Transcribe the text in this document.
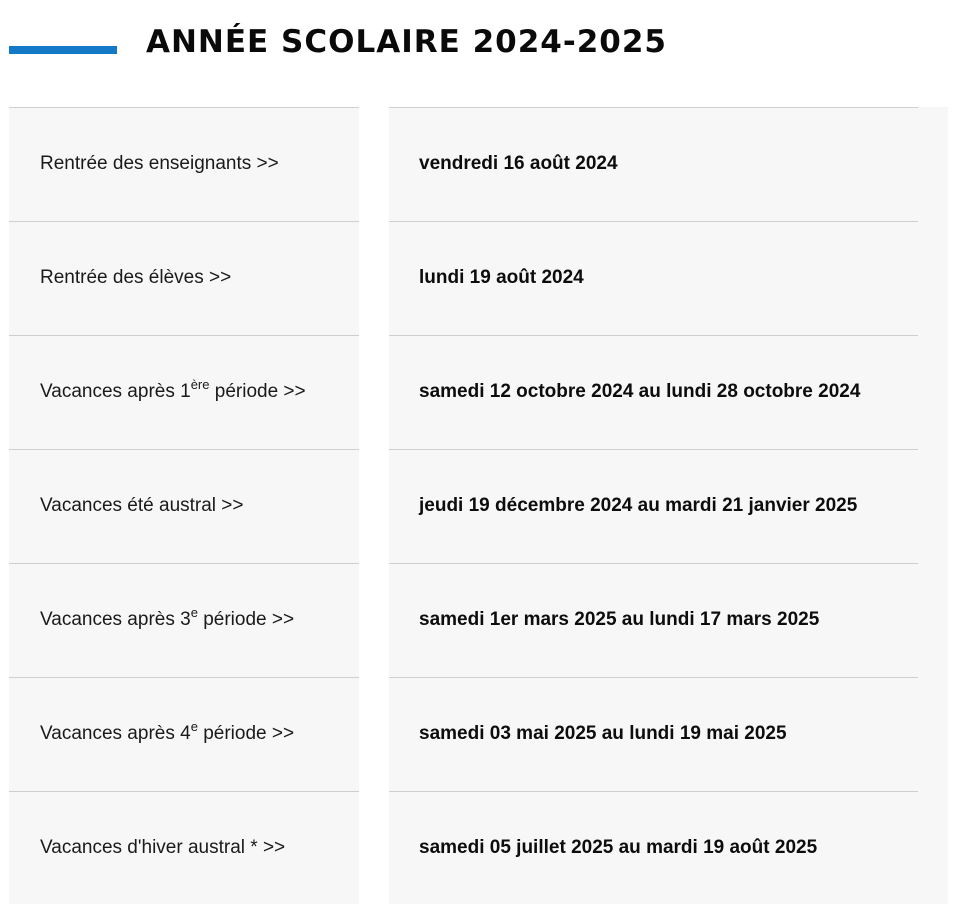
ANNÉE SCOLAIRE 2024-2025
Rentrée des enseignants >>	vendredi 16 août 2024
Rentrée des élèves >>	lundi 19 août 2024
Vacances après 1ère période >>	samedi 12 octobre 2024 au lundi 28 octobre 2024
Vacances été austral >>	jeudi 19 décembre 2024 au mardi 21 janvier 2025
Vacances après 3e période >>	samedi 1er mars 2025 au lundi 17 mars 2025
Vacances après 4e période >>	samedi 03 mai 2025 au lundi 19 mai 2025
Vacances d'hiver austral * >>	samedi 05 juillet 2025 au mardi 19 août 2025
